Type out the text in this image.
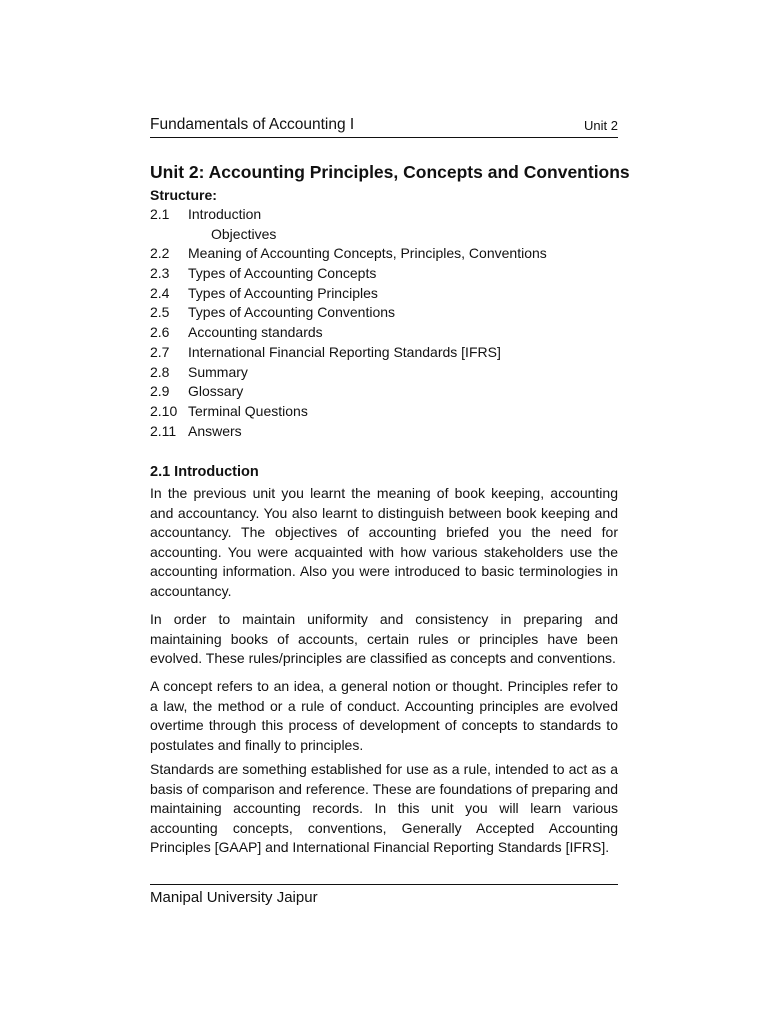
Fundamentals of Accounting I	Unit 2
Unit 2: Accounting Principles, Concepts and Conventions
Structure:
2.1 Introduction
Objectives
2.2 Meaning of Accounting Concepts, Principles, Conventions
2.3 Types of Accounting Concepts
2.4 Types of Accounting Principles
2.5 Types of Accounting Conventions
2.6 Accounting standards
2.7 International Financial Reporting Standards [IFRS]
2.8 Summary
2.9 Glossary
2.10 Terminal Questions
2.11 Answers
2.1 Introduction

In the previous unit you learnt the meaning of book keeping, accounting and accountancy. You also learnt to distinguish between book keeping and accountancy. The objectives of accounting briefed you the need for accounting. You were acquainted with how various stakeholders use the accounting information. Also you were introduced to basic terminologies in accountancy.

In order to maintain uniformity and consistency in preparing and maintaining books of accounts, certain rules or principles have been evolved. These rules/principles are classified as concepts and conventions.

A concept refers to an idea, a general notion or thought. Principles refer to a law, the method or a rule of conduct. Accounting principles are evolved overtime through this process of development of concepts to standards to postulates and finally to principles.

Standards are something established for use as a rule, intended to act as a basis of comparison and reference. These are foundations of preparing and maintaining accounting records. In this unit you will learn various accounting concepts, conventions, Generally Accepted Accounting Principles [GAAP] and International Financial Reporting Standards [IFRS].

Manipal University Jaipur
